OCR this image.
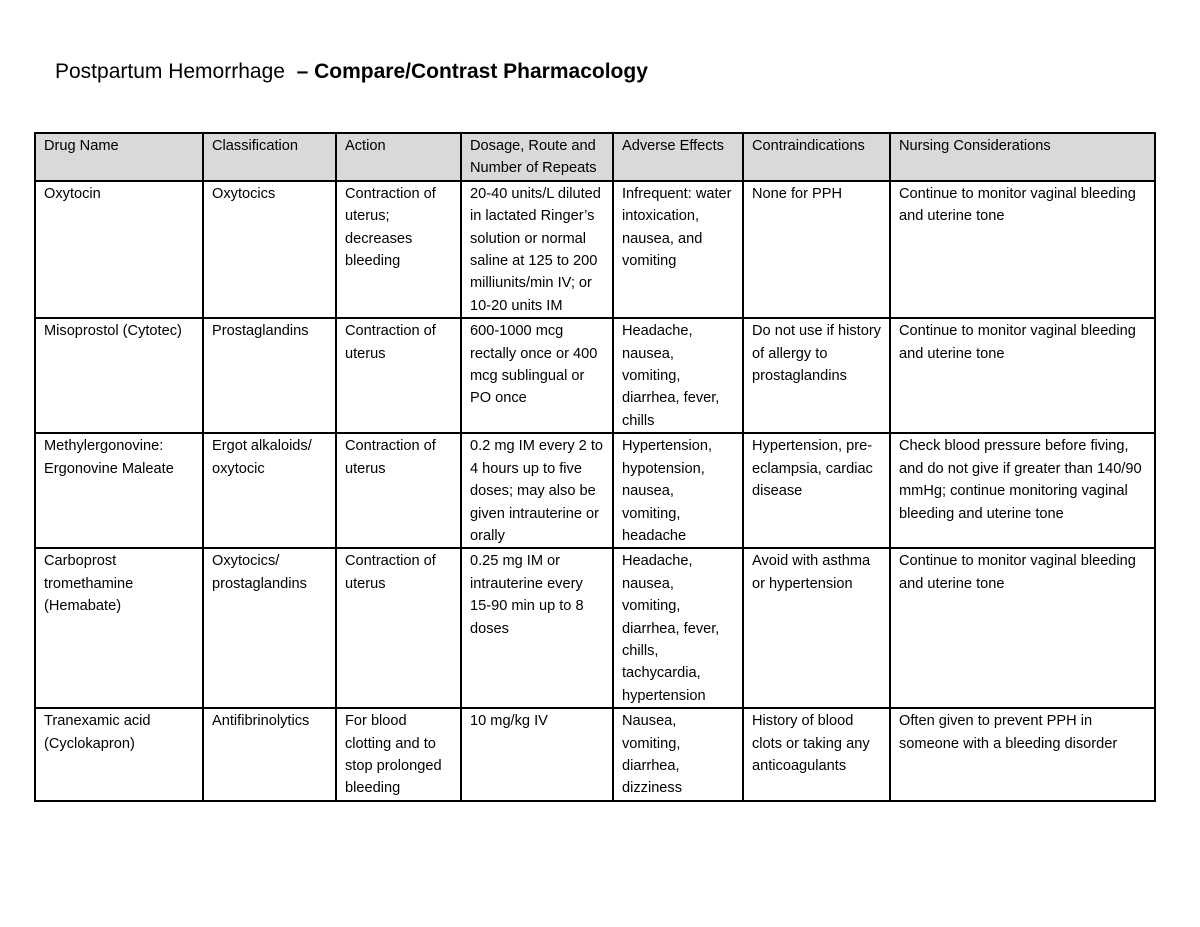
Postpartum Hemorrhage – Compare/Contrast Pharmacology
Drug Name	Classification	Action	Dosage, Route and Number of Repeats	Adverse Effects	Contraindications	Nursing Considerations
Oxytocin	Oxytocics	Contraction of uterus; decreases bleeding	20-40 units/L diluted in lactated Ringer’s solution or normal saline at 125 to 200 milliunits/min IV; or 10-20 units IM	Infrequent: water intoxication, nausea, and vomiting	None for PPH	Continue to monitor vaginal bleeding and uterine tone
Misoprostol (Cytotec)	Prostaglandins	Contraction of uterus	600-1000 mcg rectally once or 400 mcg sublingual or PO once	Headache, nausea, vomiting, diarrhea, fever, chills	Do not use if history of allergy to prostaglandins	Continue to monitor vaginal bleeding and uterine tone
Methylergonovine: Ergonovine Maleate	Ergot alkaloids/ oxytocic	Contraction of uterus	0.2 mg IM every 2 to 4 hours up to five doses; may also be given intrauterine or orally	Hypertension, hypotension, nausea, vomiting, headache	Hypertension, pre-eclampsia, cardiac disease	Check blood pressure before fiving, and do not give if greater than 140/90 mmHg; continue monitoring vaginal bleeding and uterine tone
Carboprost tromethamine (Hemabate)	Oxytocics/ prostaglandins	Contraction of uterus	0.25 mg IM or intrauterine every 15-90 min up to 8 doses	Headache, nausea, vomiting, diarrhea, fever, chills, tachycardia, hypertension	Avoid with asthma or hypertension	Continue to monitor vaginal bleeding and uterine tone
Tranexamic acid (Cyclokapron)	Antifibrinolytics	For blood clotting and to stop prolonged bleeding	10 mg/kg IV	Nausea, vomiting, diarrhea, dizziness	History of blood clots or taking any anticoagulants	Often given to prevent PPH in someone with a bleeding disorder
